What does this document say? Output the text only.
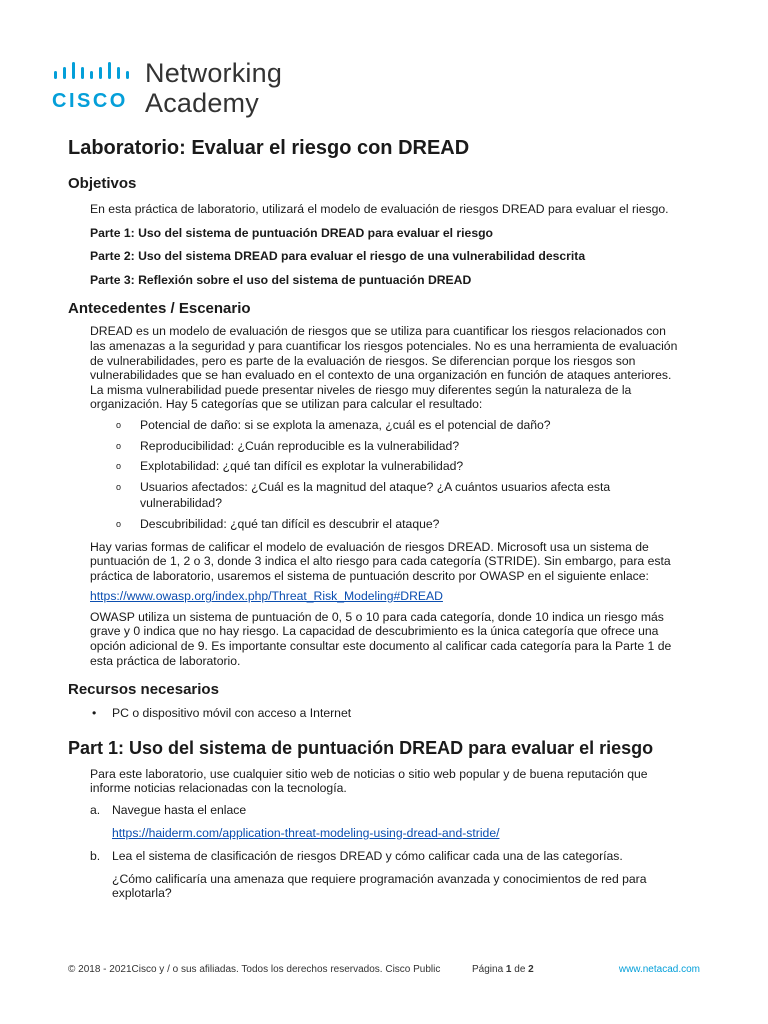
CISCO
Networking
Academy
Laboratorio: Evaluar el riesgo con DREAD
Objetivos

En esta práctica de laboratorio, utilizará el modelo de evaluación de riesgos DREAD para evaluar el riesgo.

Parte 1: Uso del sistema de puntuación DREAD para evaluar el riesgo

Parte 2: Uso del sistema DREAD para evaluar el riesgo de una vulnerabilidad descrita

Parte 3: Reflexión sobre el uso del sistema de puntuación DREAD

Antecedentes / Escenario

DREAD es un modelo de evaluación de riesgos que se utiliza para cuantificar los riesgos relacionados con

las amenazas a la seguridad y para cuantificar los riesgos potenciales. No es una herramienta de evaluación

de vulnerabilidades, pero es parte de la evaluación de riesgos. Se diferencian porque los riesgos son

vulnerabilidades que se han evaluado en el contexto de una organización en función de ataques anteriores.

La misma vulnerabilidad puede presentar niveles de riesgo muy diferentes según la naturaleza de la

organización. Hay 5 categorías que se utilizan para calcular el resultado:

o Potencial de daño: si se explota la amenaza, ¿cuál es el potencial de daño?
o Reproducibilidad: ¿Cuán reproducible es la vulnerabilidad?
o Explotabilidad: ¿qué tan difícil es explotar la vulnerabilidad?
o Usuarios afectados: ¿Cuál es la magnitud del ataque? ¿A cuántos usuarios afecta esta
vulnerabilidad?
o Descubribilidad: ¿qué tan difícil es descubrir el ataque?

Hay varias formas de calificar el modelo de evaluación de riesgos DREAD. Microsoft usa un sistema de

puntuación de 1, 2 o 3, donde 3 indica el alto riesgo para cada categoría (STRIDE). Sin embargo, para esta

práctica de laboratorio, usaremos el sistema de puntuación descrito por OWASP en el siguiente enlace:

https://www.owasp.org/index.php/Threat_Risk_Modeling#DREAD

OWASP utiliza un sistema de puntuación de 0, 5 o 10 para cada categoría, donde 10 indica un riesgo más

grave y 0 indica que no hay riesgo. La capacidad de descubrimiento es la única categoría que ofrece una

opción adicional de 9. Es importante consultar este documento al calificar cada categoría para la Parte 1 de

esta práctica de laboratorio.

Recursos necesarios
• PC o dispositivo móvil con acceso a Internet
Part 1: Uso del sistema de puntuación DREAD para evaluar el riesgo

Para este laboratorio, use cualquier sitio web de noticias o sitio web popular y de buena reputación que

informe noticias relacionadas con la tecnología.

a. Navegue hasta el enlace
https://haiderm.com/application-threat-modeling-using-dread-and-stride/
b. Lea el sistema de clasificación de riesgos DREAD y cómo calificar cada una de las categorías.
¿Cómo calificaría una amenaza que requiere programación avanzada y conocimientos de red para
explotarla?
© 2018 - 2021Cisco y / o sus afiliadas. Todos los derechos reservados. Cisco Public	Página 1 de 2	www.netacad.com
